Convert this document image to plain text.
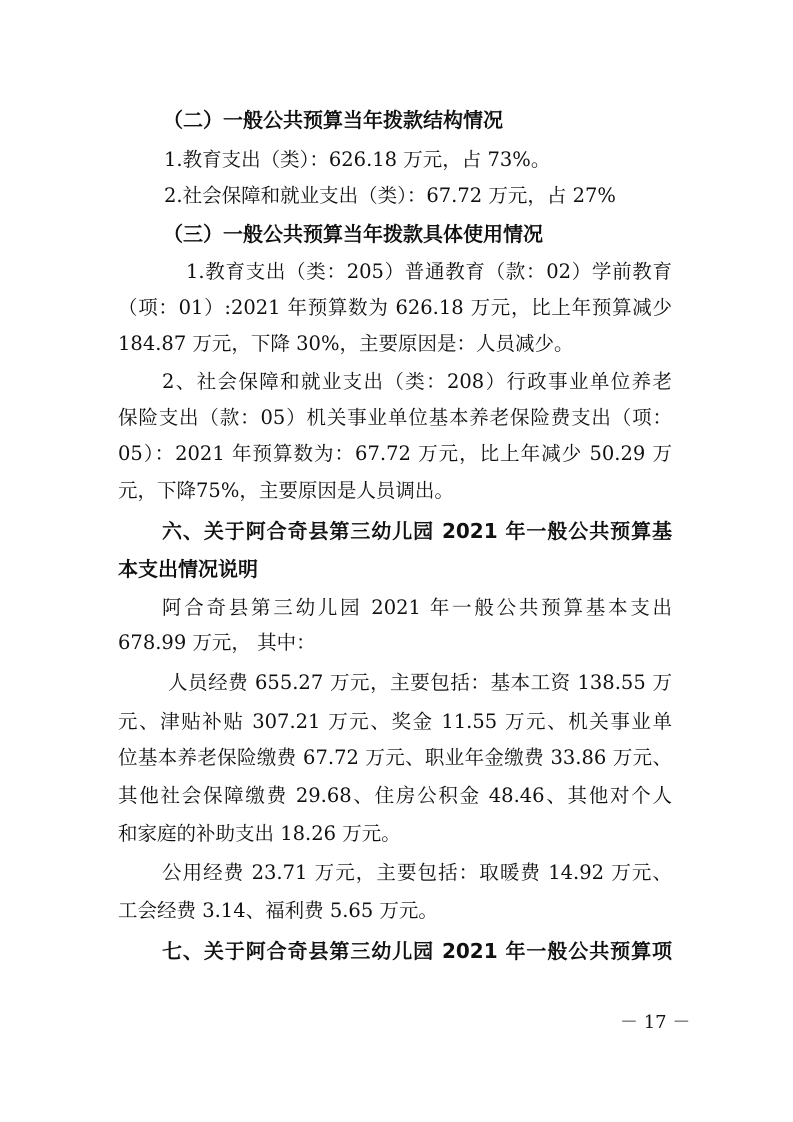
（二）一般公共预算当年拨款结构情况
1.教育支出（类）：626.18 万元，占 73%。
2.社会保障和就业支出（类）：67.72 万元，占 27%
（三）一般公共预算当年拨款具体使用情况
1.教育支出（类：205）普通教育（款：02）学前教育
（项：01）:2021 年预算数为 626.18 万元，比上年预算减少
184.87 万元，下降 30%，主要原因是：人员减少。
2、社会保障和就业支出（类：208）行政事业单位养老
保险支出（款：05）机关事业单位基本养老保险费支出（项：
05）：2021 年预算数为：67.72 万元，比上年减少 50.29 万
元，下降75%，主要原因是人员调出。
六、关于阿合奇县第三幼儿园 2021 年一般公共预算基
本支出情况说明
阿合奇县第三幼儿园 2021 年一般公共预算基本支出
678.99 万元， 其中：
人员经费 655.27 万元，主要包括：基本工资 138.55 万
元、津贴补贴 307.21 万元、奖金 11.55 万元、机关事业单
位基本养老保险缴费 67.72 万元、职业年金缴费 33.86 万元、
其他社会保障缴费 29.68、住房公积金 48.46、其他对个人
和家庭的补助支出 18.26 万元。
公用经费 23.71 万元，主要包括：取暖费 14.92 万元、
工会经费 3.14、福利费 5.65 万元。
七、关于阿合奇县第三幼儿园 2021 年一般公共预算项
－ 17 －
